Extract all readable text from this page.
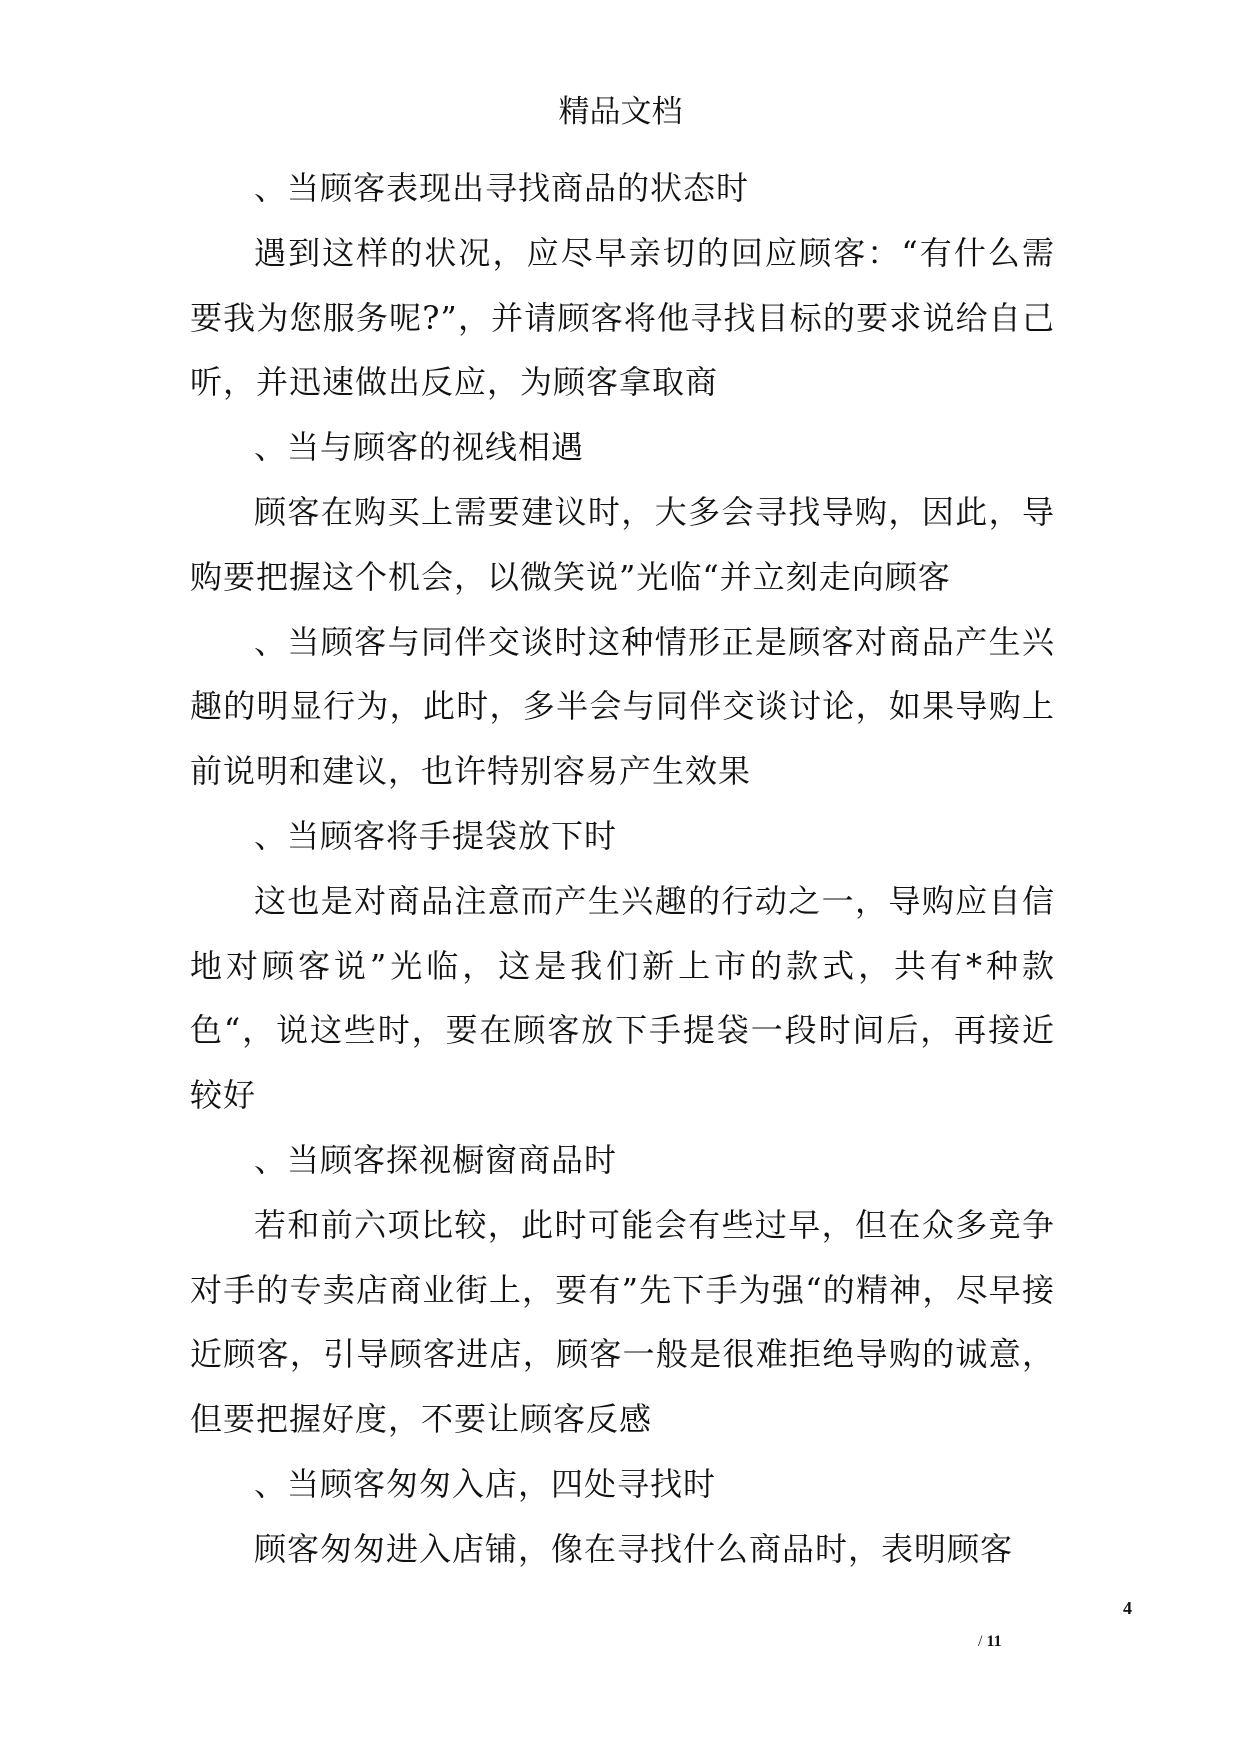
精品文档

、当顾客表现出寻找商品的状态时

遇到这样的状况，应尽早亲切的回应顾客：“有什么需要我为您服务呢?”，并请顾客将他寻找目标的要求说给自己听，并迅速做出反应，为顾客拿取商

、当与顾客的视线相遇

顾客在购买上需要建议时，大多会寻找导购，因此，导购要把握这个机会，以微笑说”光临“并立刻走向顾客

、当顾客与同伴交谈时这种情形正是顾客对商品产生兴趣的明显行为，此时，多半会与同伴交谈讨论，如果导购上前说明和建议，也许特别容易产生效果

、当顾客将手提袋放下时

这也是对商品注意而产生兴趣的行动之一，导购应自信地对顾客说”光临，这是我们新上市的款式，共有*种款色“，说这些时，要在顾客放下手提袋一段时间后，再接近较好

、当顾客探视橱窗商品时

若和前六项比较，此时可能会有些过早，但在众多竞争对手的专卖店商业街上，要有”先下手为强“的精神，尽早接近顾客，引导顾客进店，顾客一般是很难拒绝导购的诚意，但要把握好度，不要让顾客反感

、当顾客匆匆入店，四处寻找时

顾客匆匆进入店铺，像在寻找什么商品时，表明顾客

4
/ 11
